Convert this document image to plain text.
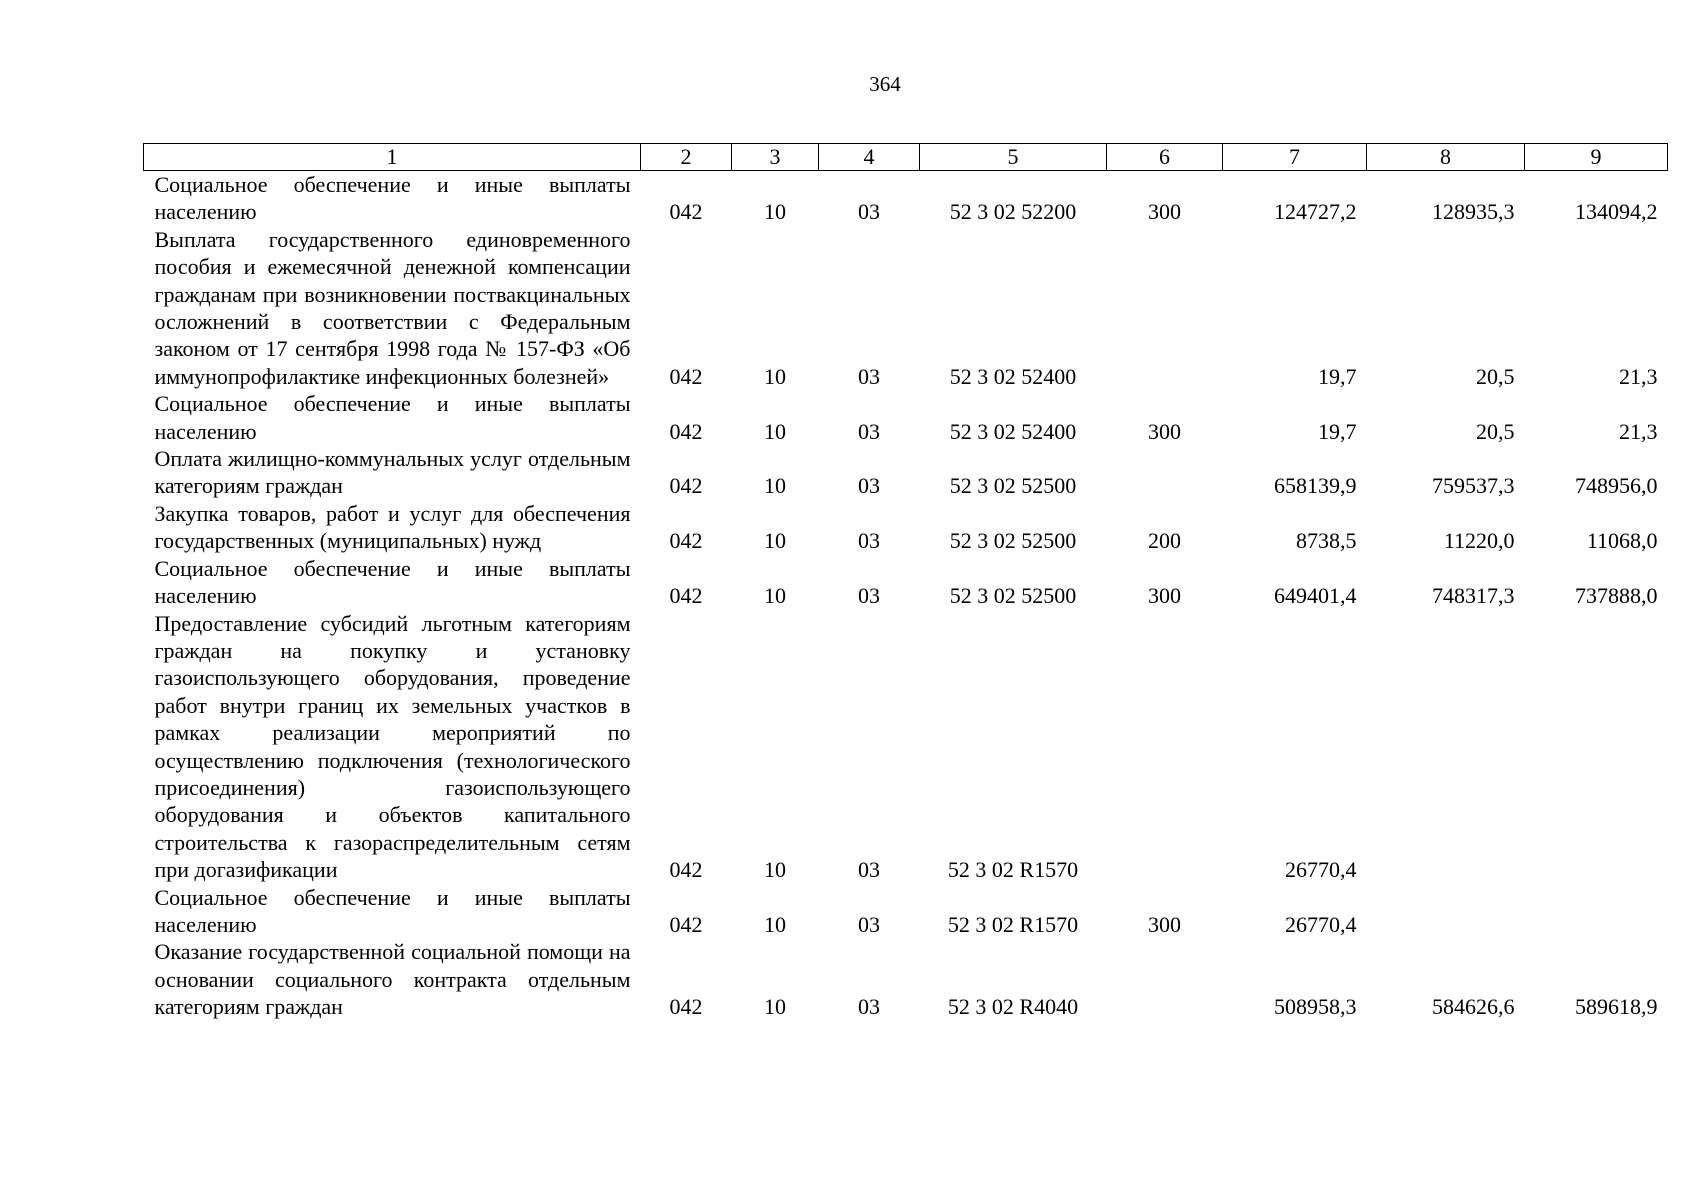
364
1	2	3	4	5	6	7	8	9
Социальное обеспечение и иные выплаты населению	042	10	03	52 3 02 52200	300	124727,2	128935,3	134094,2
Выплата государственного единовременного пособия и ежемесячной денежной компенсации гражданам при возникновении поствакцинальных осложнений в соответствии с Федеральным законом от 17 сентября 1998 года № 157-ФЗ «Об иммунопрофилактике инфекционных болезней»	042	10	03	52 3 02 52400		19,7	20,5	21,3
Социальное обеспечение и иные выплаты населению	042	10	03	52 3 02 52400	300	19,7	20,5	21,3
Оплата жилищно-коммунальных услуг отдельным категориям граждан	042	10	03	52 3 02 52500		658139,9	759537,3	748956,0
Закупка товаров, работ и услуг для обеспечения государственных (муниципальных) нужд	042	10	03	52 3 02 52500	200	8738,5	11220,0	11068,0
Социальное обеспечение и иные выплаты населению	042	10	03	52 3 02 52500	300	649401,4	748317,3	737888,0
Предоставление субсидий льготным категориям граждан на покупку и установку газоиспользующего оборудования, проведение работ внутри границ их земельных участков в рамках реализации мероприятий по осуществлению подключения (технологического присоединения) газоиспользующего оборудования и объектов капитального строительства к газораспределительным сетям при догазификации	042	10	03	52 3 02 R1570		26770,4		
Социальное обеспечение и иные выплаты населению	042	10	03	52 3 02 R1570	300	26770,4		
Оказание государственной социальной помощи на основании социального контракта отдельным категориям граждан	042	10	03	52 3 02 R4040		508958,3	584626,6	589618,9
